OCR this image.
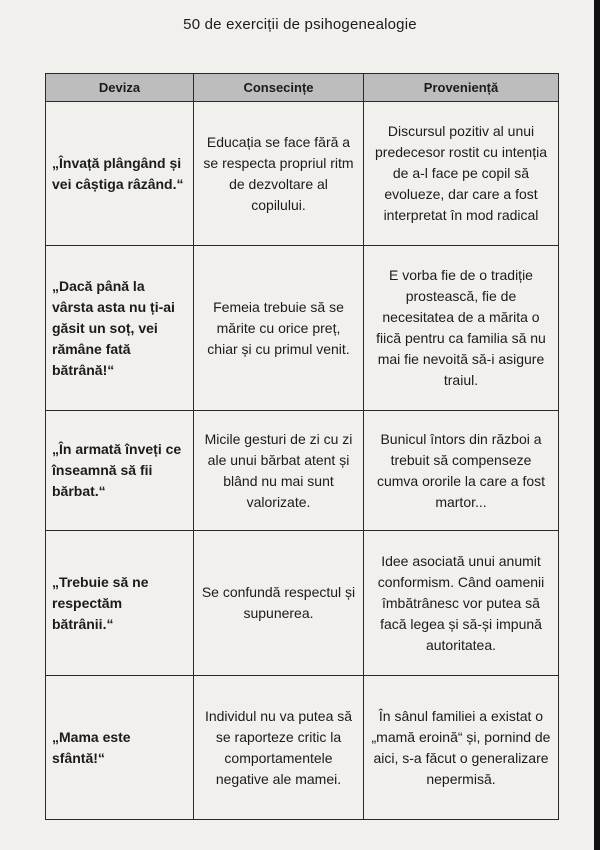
50 de exerciții de psihogenealogie
Deviza	Consecințe	Proveniență
„Învață plângând și vei câștiga râzând.“	Educația se face fără a se respecta propriul ritm de dezvoltare al copilului.	Discursul pozitiv al unui predecesor rostit cu intenția de a-l face pe copil să evolueze, dar care a fost interpretat în mod radical
„Dacă până la vârsta asta nu ți-ai găsit un soț, vei rămâne fată bătrână!“	Femeia trebuie să se mărite cu orice preț, chiar și cu primul venit.	E vorba fie de o tradiție prostească, fie de necesitatea de a mărita o fiică pentru ca familia să nu mai fie nevoită să-i asigure traiul.
„În armată înveți ce înseamnă să fii bărbat.“	Micile gesturi de zi cu zi ale unui bărbat atent și blând nu mai sunt valorizate.	Bunicul întors din război a trebuit să compenseze cumva ororile la care a fost martor...
„Trebuie să ne respectăm bătrânii.“	Se confundă respectul și supunerea.	Idee asociată unui anumit conformism. Când oamenii îmbătrânesc vor putea să facă legea și să-și impună autoritatea.
„Mama este sfântă!“	Individul nu va putea să se raporteze critic la comportamentele negative ale mamei.	În sânul familiei a existat o „mamă eroină“ și, pornind de aici, s-a făcut o generalizare nepermisă.
